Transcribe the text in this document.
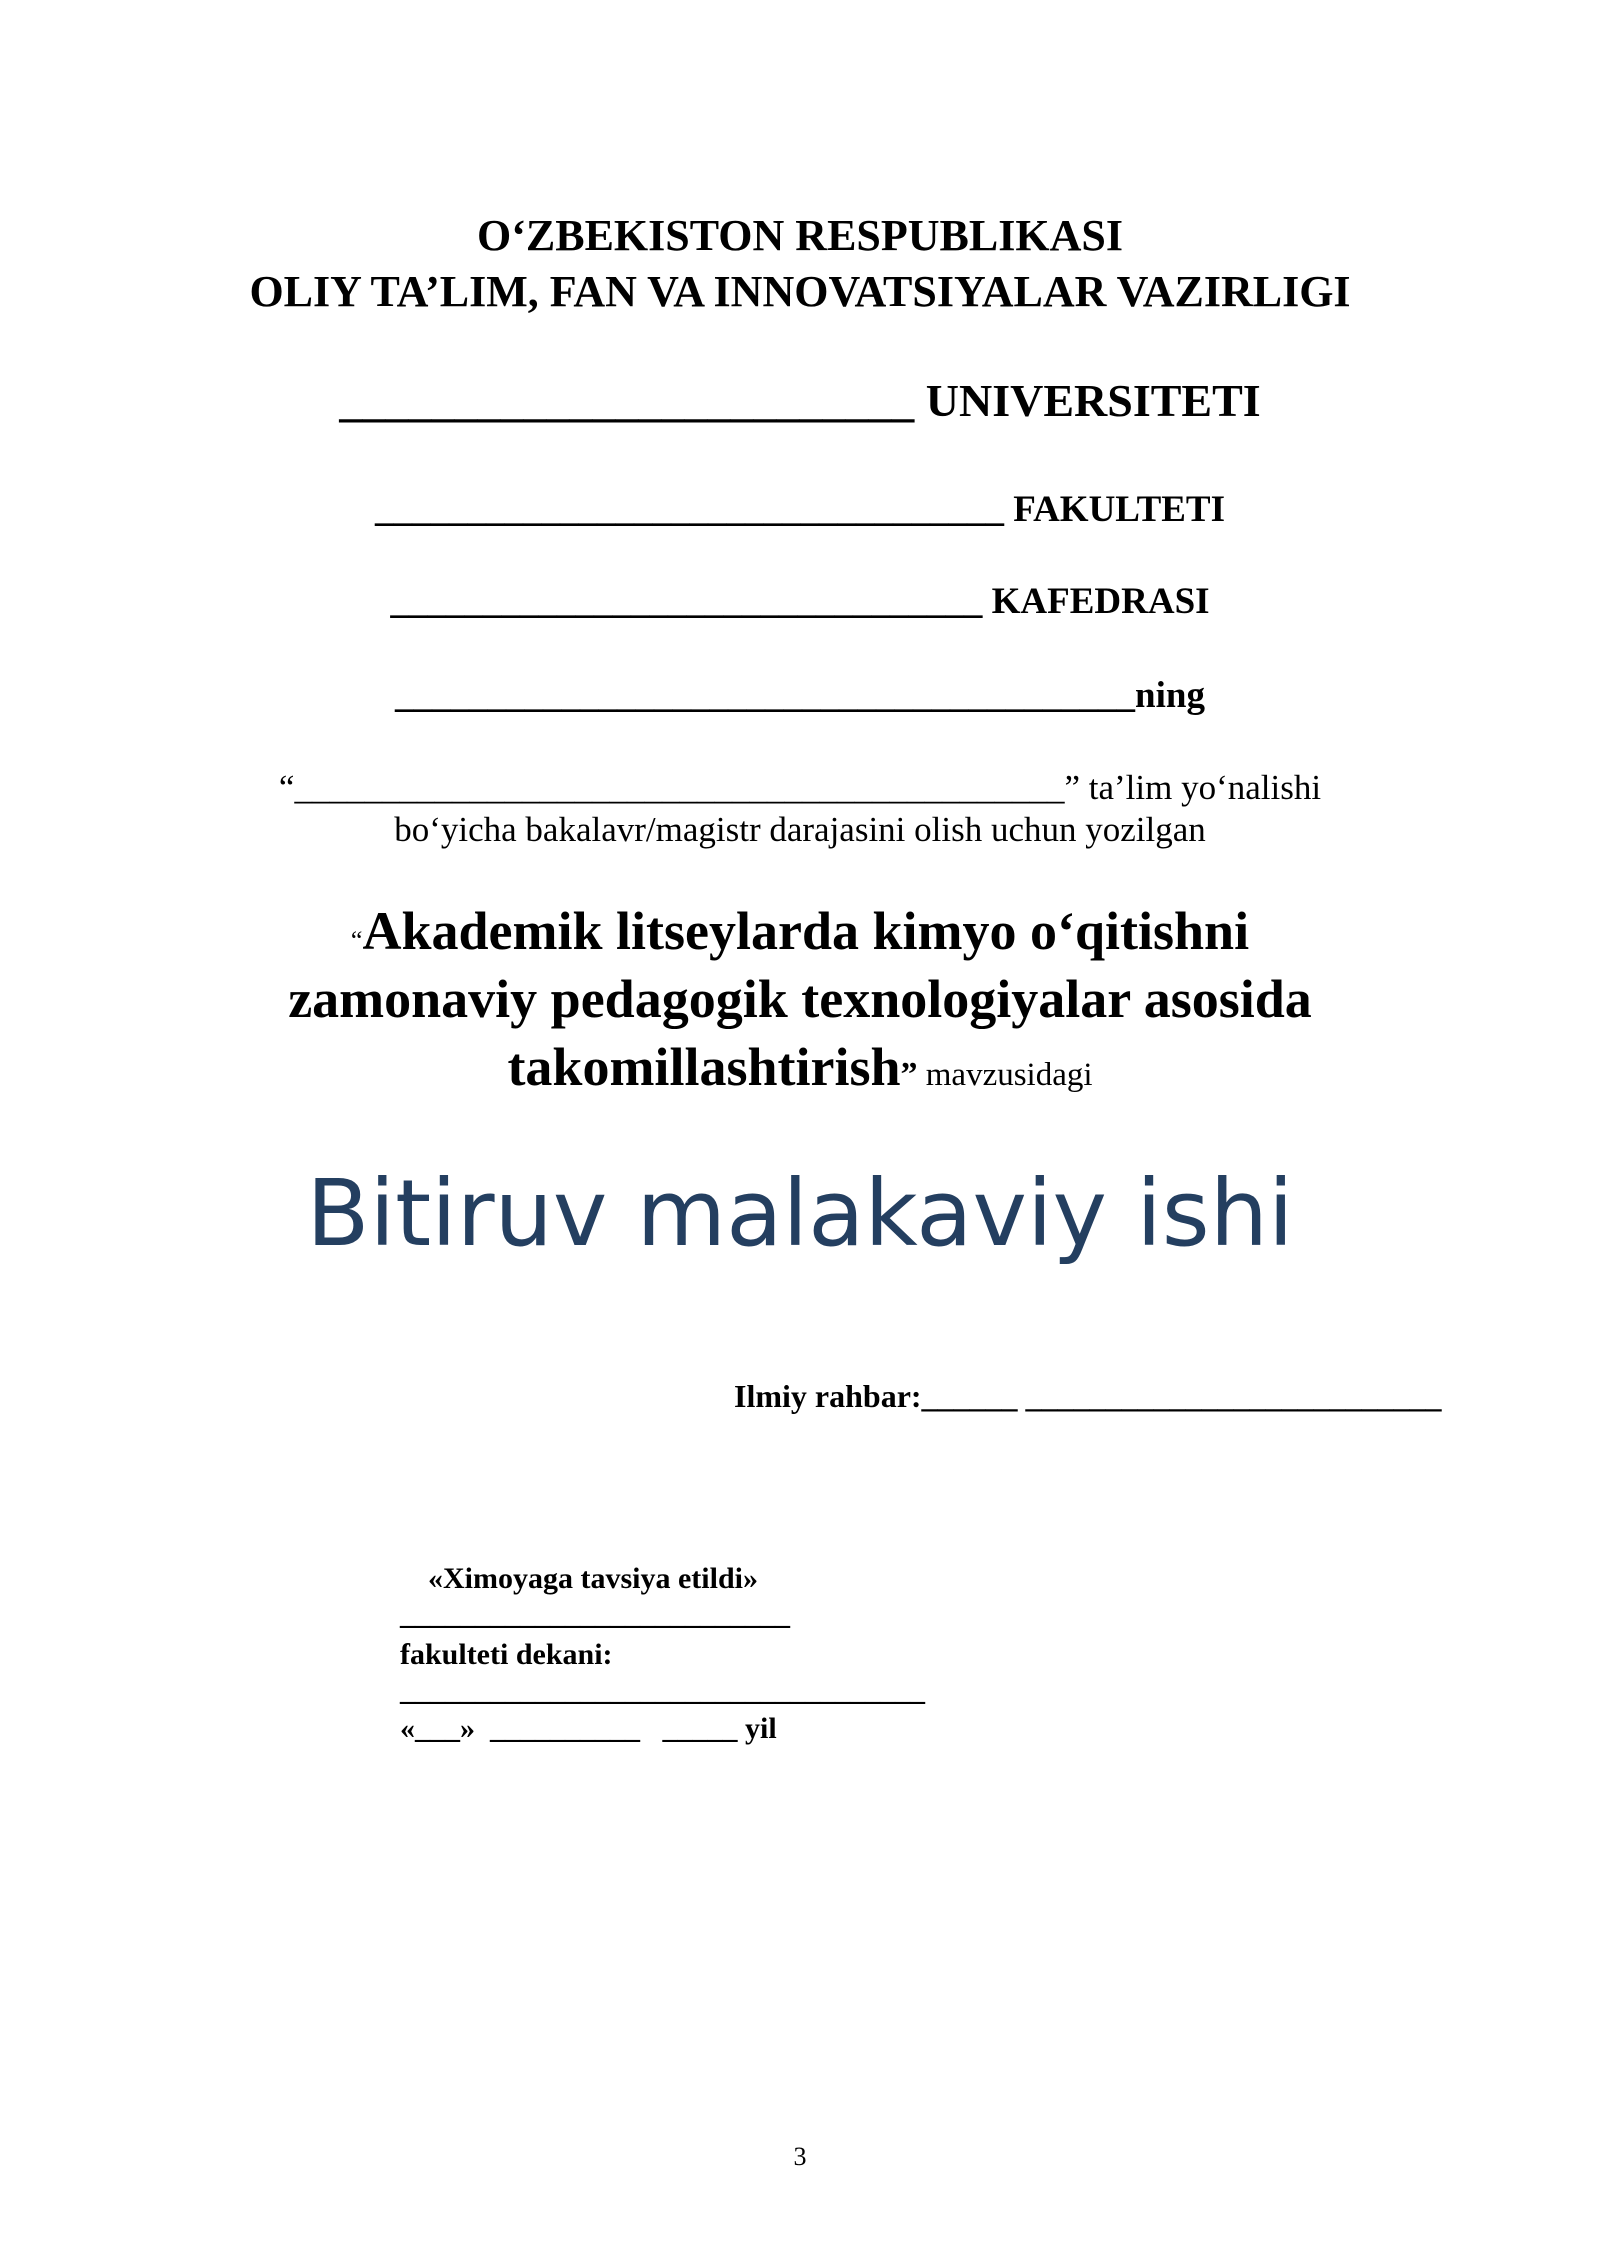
O‘ZBEKISTON RESPUBLIKASI
OLIY TA’LIM, FAN VA INNOVATSIYALAR VAZIRLIGI
_________________________ UNIVERSITETI
__________________________________ FAKULTETI
________________________________ KAFEDRASI
________________________________________ning
“____________________________________________” ta’lim yo‘nalishi
bo‘yicha bakalavr/magistr darajasini olish uchun yozilgan
“Akademik litseylarda kimyo o‘qitishni
zamonaviy pedagogik texnologiyalar asosida
takomillashtirish” mavzusidagi
Bitiruv malakaviy ishi
Ilmiy rahbar:______ __________________________
«Ximoyaga tavsiya etildi»
__________________________
fakulteti dekani:
___________________________________
«___»  __________   _____ yil
3
